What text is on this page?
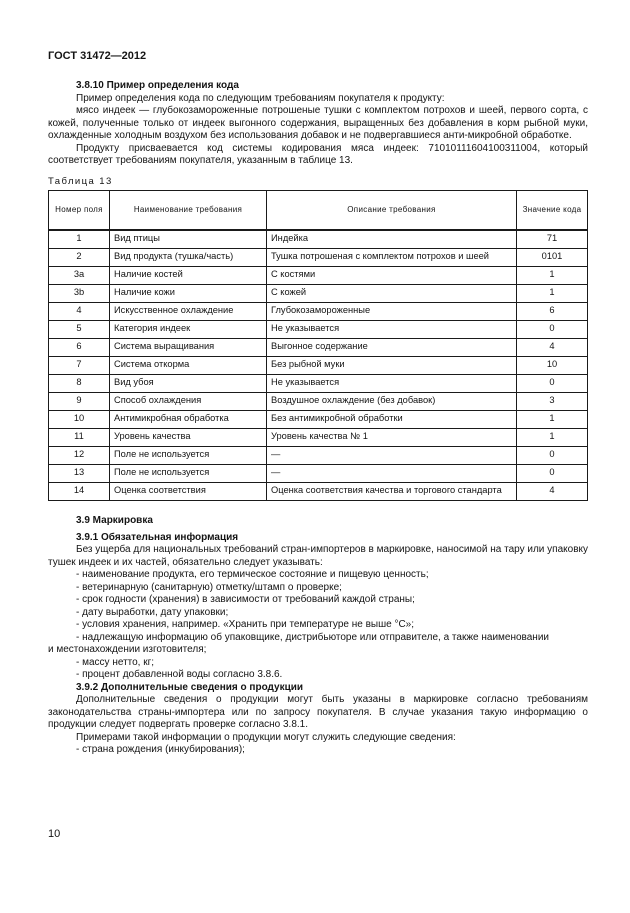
ГОСТ 31472—2012

3.8.10 Пример определения кода

Пример определения кода по следующим требованиям покупателя к продукту:

мясо индеек — глубокозамороженные потрошеные тушки с комплектом потрохов и шеей, первого сорта, с кожей, полученные только от индеек выгонного содержания, выращенных без добавления в корм рыбной муки, охлажденные холодным воздухом без использования добавок и не подвергавшиеся анти-микробной обработке.

Продукту присваевается код системы кодирования мяса индеек: 71010111604100311004, который соответствует требованиям покупателя, указанным в таблице 13.

Таблица 13
Номер поля	Наименование требования	Описание требования	Значение кода
1	Вид птицы	Индейка	71
2	Вид продукта (тушка/часть)	Тушка потрошеная с комплектом потрохов и шеей	0101
3а	Наличие костей	С костями	1
3b	Наличие кожи	С кожей	1
4	Искусственное охлаждение	Глубокозамороженные	6
5	Категория индеек	Не указывается	0
6	Система выращивания	Выгонное содержание	4
7	Система откорма	Без рыбной муки	10
8	Вид убоя	Не указывается	0
9	Способ охлаждения	Воздушное охлаждение (без добавок)	3
10	Антимикробная обработка	Без антимикробной обработки	1
11	Уровень качества	Уровень качества № 1	1
12	Поле не используется	—	0
13	Поле не используется	—	0
14	Оценка соответствия	Оценка соответствия качества и торгового стандарта	4

3.9 Маркировка

3.9.1 Обязательная информация

Без ущерба для национальных требований стран-импортеров в маркировке, наносимой на тару или упаковку тушек индеек и их частей, обязательно следует указывать:

- наименование продукта, его термическое состояние и пищевую ценность;

- ветеринарную (санитарную) отметку/штамп о проверке;

- срок годности (хранения) в зависимости от требований каждой страны;

- дату выработки, дату упаковки;

- условия хранения, например. «Хранить при температуре не выше °С»;

- надлежащую информацию об упаковщике, дистрибьюторе или отправителе, а также наименовании

и местонахождении изготовителя;

- массу нетто, кг;

- процент добавленной воды согласно 3.8.6.

3.9.2 Дополнительные сведения о продукции

Дополнительные сведения о продукции могут быть указаны в маркировке согласно требованиям законодательства страны-импортера или по запросу покупателя. В случае указания такую информацию о продукции следует подвергать проверке согласно 3.8.1.

Примерами такой информации о продукции могут служить следующие сведения:

- страна рождения (инкубирования);

10
